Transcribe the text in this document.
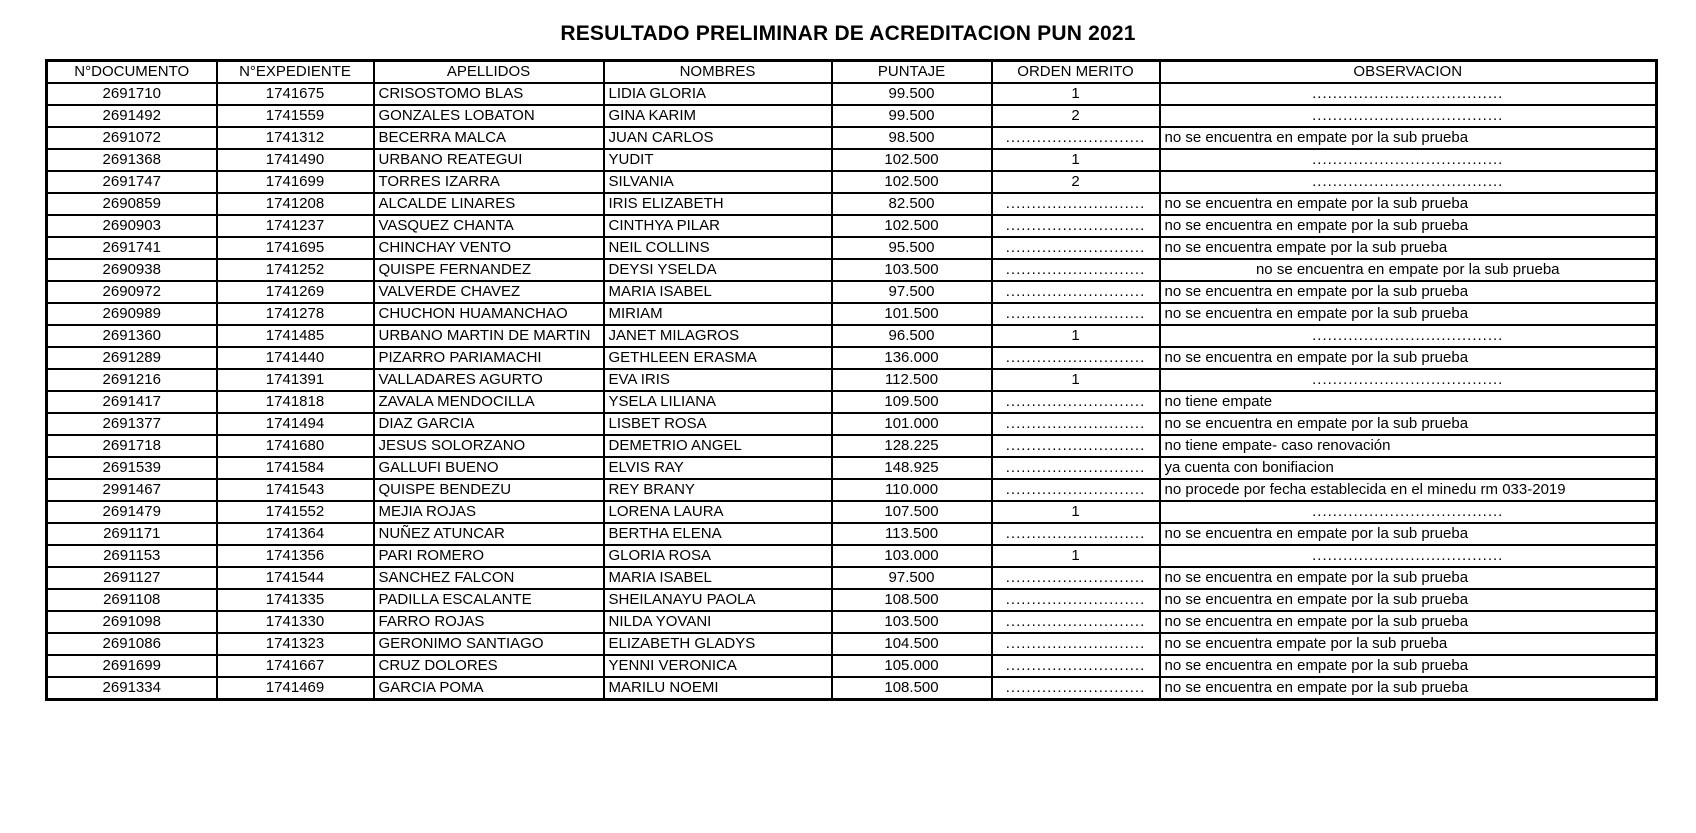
RESULTADO PRELIMINAR DE ACREDITACION PUN 2021
N°DOCUMENTO	N°EXPEDIENTE	APELLIDOS	NOMBRES	PUNTAJE	ORDEN MERITO	OBSERVACION
2691710	1741675	CRISOSTOMO BLAS	LIDIA GLORIA	99.500	1	.....................................
2691492	1741559	GONZALES LOBATON	GINA KARIM	99.500	2	.....................................
2691072	1741312	BECERRA MALCA	JUAN CARLOS	98.500	...........................	no se encuentra en empate por la sub prueba
2691368	1741490	URBANO REATEGUI	YUDIT	102.500	1	.....................................
2691747	1741699	TORRES IZARRA	SILVANIA	102.500	2	.....................................
2690859	1741208	ALCALDE LINARES	IRIS ELIZABETH	82.500	...........................	no se encuentra en empate por la sub prueba
2690903	1741237	VASQUEZ CHANTA	CINTHYA PILAR	102.500	...........................	no se encuentra en empate por la sub prueba
2691741	1741695	CHINCHAY VENTO	NEIL COLLINS	95.500	...........................	no se encuentra empate por la sub prueba
2690938	1741252	QUISPE FERNANDEZ	DEYSI YSELDA	103.500	...........................	no se encuentra en empate por la sub prueba
2690972	1741269	VALVERDE CHAVEZ	MARIA ISABEL	97.500	...........................	no se encuentra en empate por la sub prueba
2690989	1741278	CHUCHON HUAMANCHAO	MIRIAM	101.500	...........................	no se encuentra en empate por la sub prueba
2691360	1741485	URBANO MARTIN DE MARTIN	JANET MILAGROS	96.500	1	.....................................
2691289	1741440	PIZARRO PARIAMACHI	GETHLEEN ERASMA	136.000	...........................	no se encuentra en empate por la sub prueba
2691216	1741391	VALLADARES AGURTO	EVA IRIS	112.500	1	.....................................
2691417	1741818	ZAVALA MENDOCILLA	YSELA LILIANA	109.500	...........................	no tiene empate
2691377	1741494	DIAZ GARCIA	LISBET ROSA	101.000	...........................	no se encuentra en empate por la sub prueba
2691718	1741680	JESUS SOLORZANO	DEMETRIO ANGEL	128.225	...........................	no tiene empate- caso renovación
2691539	1741584	GALLUFI BUENO	ELVIS RAY	148.925	...........................	ya cuenta con bonifiacion
2991467	1741543	QUISPE BENDEZU	REY BRANY	110.000	...........................	no procede por fecha establecida en el minedu rm 033-2019
2691479	1741552	MEJIA ROJAS	LORENA LAURA	107.500	1	.....................................
2691171	1741364	NUÑEZ ATUNCAR	BERTHA ELENA	113.500	...........................	no se encuentra en empate por la sub prueba
2691153	1741356	PARI ROMERO	GLORIA ROSA	103.000	1	.....................................
2691127	1741544	SANCHEZ FALCON	MARIA ISABEL	97.500	...........................	no se encuentra en empate por la sub prueba
2691108	1741335	PADILLA ESCALANTE	SHEILANAYU PAOLA	108.500	...........................	no se encuentra en empate por la sub prueba
2691098	1741330	FARRO ROJAS	NILDA YOVANI	103.500	...........................	no se encuentra en empate por la sub prueba
2691086	1741323	GERONIMO SANTIAGO	ELIZABETH GLADYS	104.500	...........................	no se encuentra empate por la sub prueba
2691699	1741667	CRUZ DOLORES	YENNI VERONICA	105.000	...........................	no se encuentra en empate por la sub prueba
2691334	1741469	GARCIA POMA	MARILU NOEMI	108.500	...........................	no se encuentra en empate por la sub prueba
